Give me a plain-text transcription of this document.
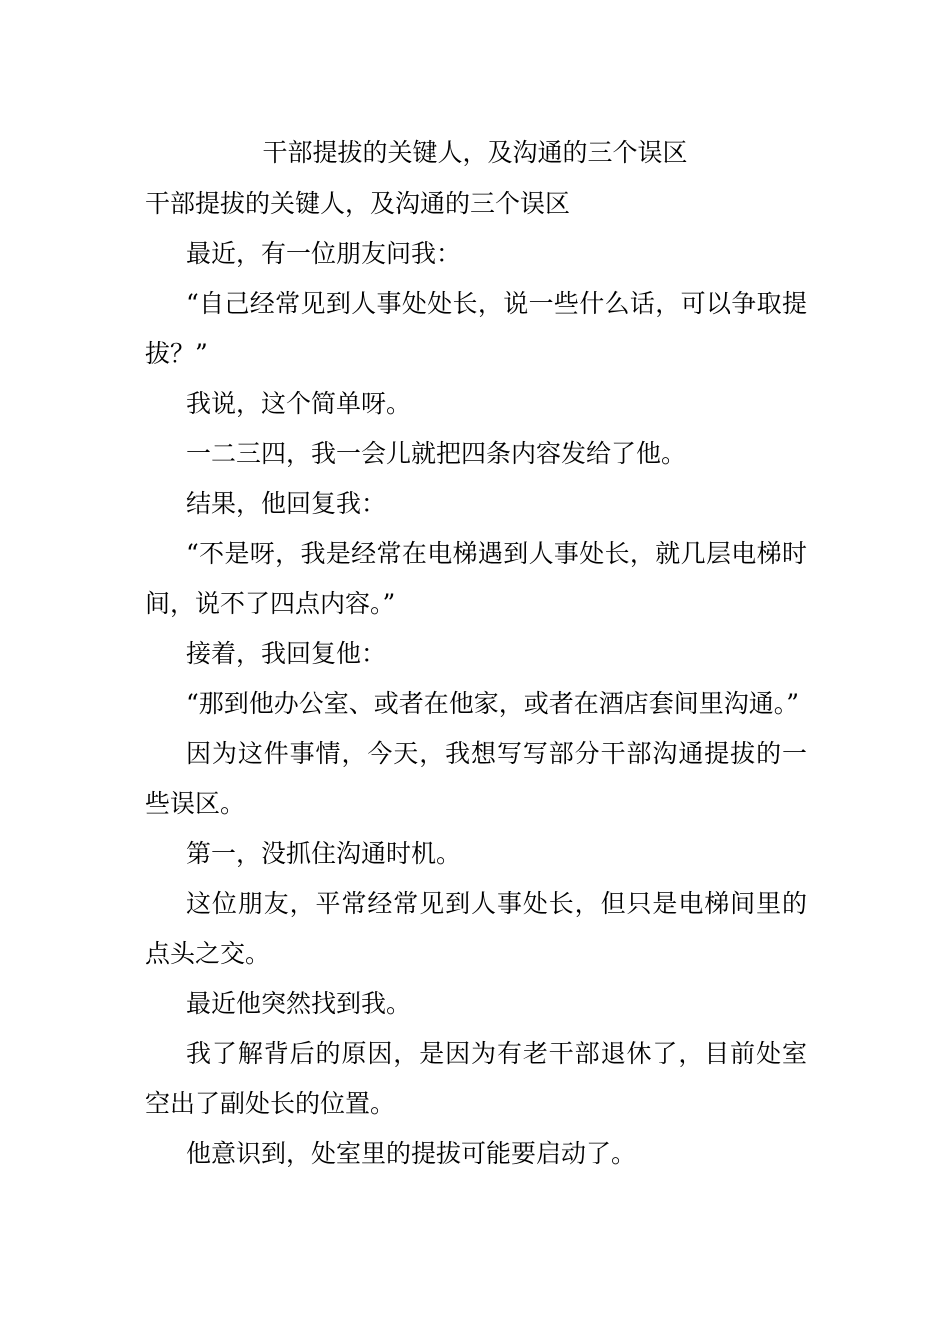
干部提拔的关键人，及沟通的三个误区

干部提拔的关键人，及沟通的三个误区

最近，有一位朋友问我：

“自己经常见到人事处处长，说一些什么话，可以争取提拔？”

我说，这个简单呀。

一二三四，我一会儿就把四条内容发给了他。

结果，他回复我：

“不是呀，我是经常在电梯遇到人事处长，就几层电梯时间，说不了四点内容。”

接着，我回复他：

“那到他办公室、或者在他家，或者在酒店套间里沟通。”

因为这件事情，今天，我想写写部分干部沟通提拔的一些误区。

第一，没抓住沟通时机。

这位朋友，平常经常见到人事处长，但只是电梯间里的点头之交。

最近他突然找到我。

我了解背后的原因，是因为有老干部退休了，目前处室空出了副处长的位置。

他意识到，处室里的提拔可能要启动了。
